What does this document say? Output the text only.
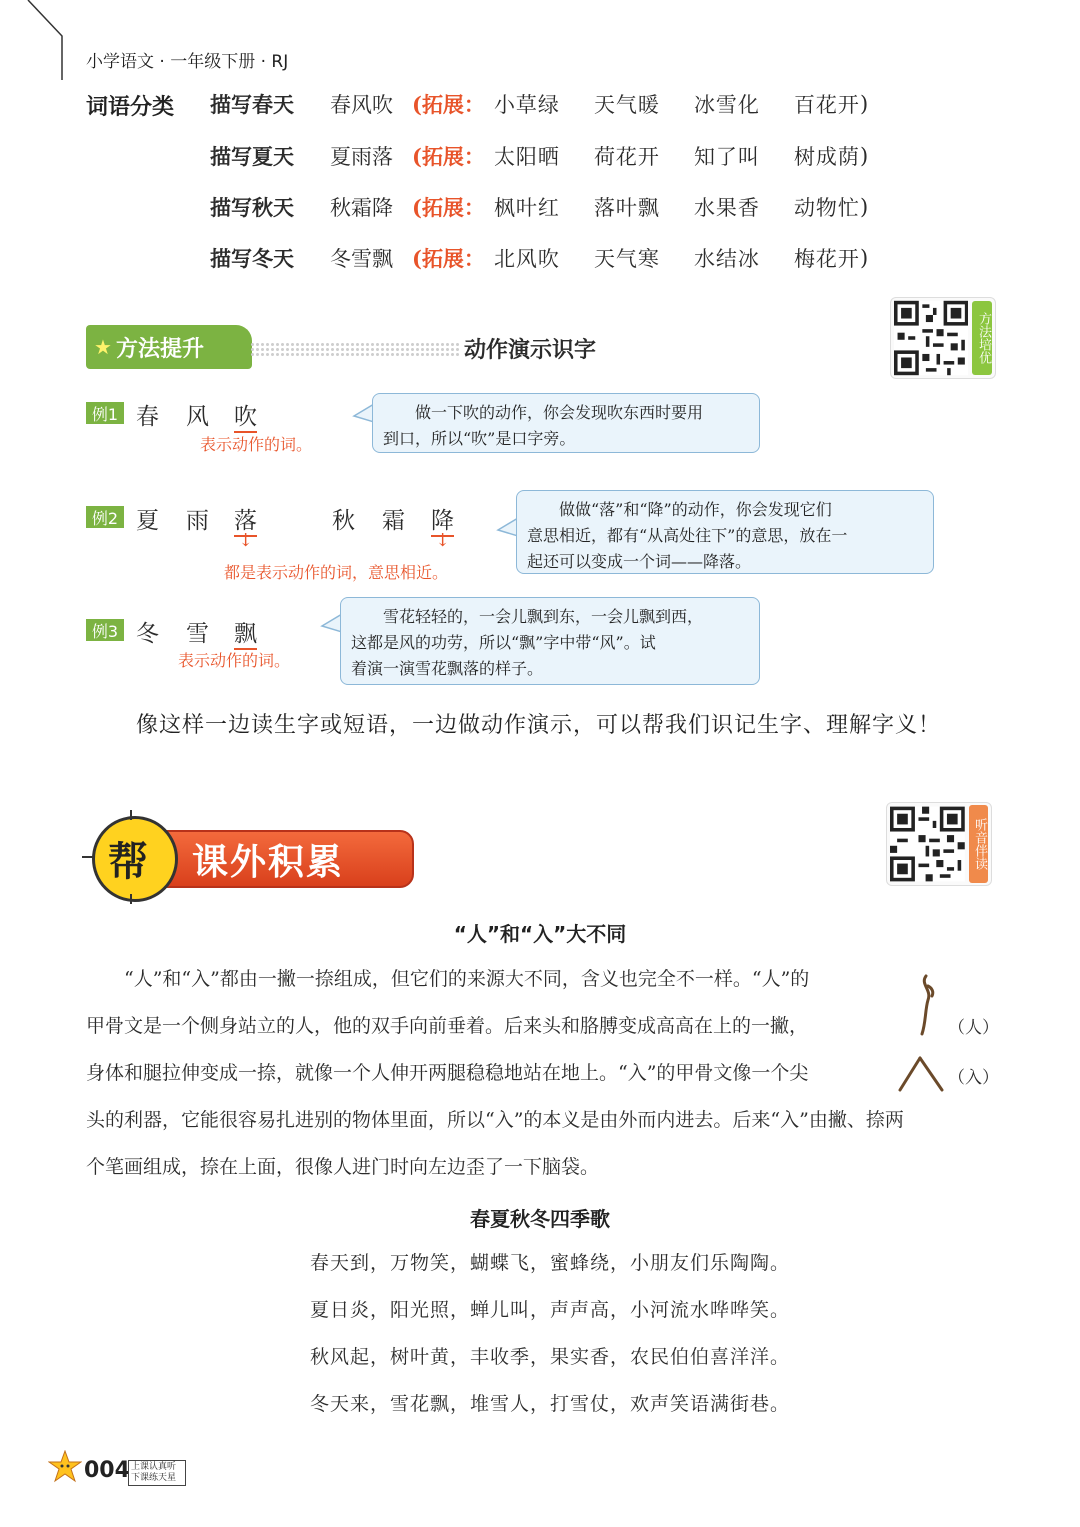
小学语文 · 一年级下册 · RJ
词语分类 描写春天	春风吹 ( 拓展： 小草绿	天气暖	冰雪化	百花开 )
描写夏天	夏雨落 ( 拓展： 太阳晒	荷花开	知了叫	树成荫 )
描写秋天	秋霜降 ( 拓展： 枫叶红	落叶飘	水果香	动物忙 )
描写冬天	冬雪飘 ( 拓展： 北风吹	天气寒	水结冰	梅花开 )
★ 方法提升	动作演示识字	方法培优
例1 春 风 吹
表示动作的词。
做一下吹的动作，你会发现吹东西时要用
到口，所以“吹”是口字旁。
例2 夏 雨 落	秋 霜 降
↓	↓
都是表示动作的词，意思相近。
做做“落”和“降”的动作，你会发现它们
意思相近，都有“从高处往下”的意思，放在一
起还可以变成一个词——降落。
例3 冬 雪 飘
表示动作的词。
雪花轻轻的，一会儿飘到东，一会儿飘到西，
这都是风的功劳，所以“飘”字中带“风”。试
着演一演雪花飘落的样子。
像这样一边读生字或短语，一边做动作演示，可以帮我们识记生字、理解字义！
课外积累
帮	听音伴读
“人”和“入”大不同

“人”和“入”都由一撇一捺组成，但它们的来源大不同，含义也完全不一样。“人”的

甲骨文是一个侧身站立的人，他的双手向前垂着。后来头和胳膊变成高高在上的一撇，

身体和腿拉伸变成一捺，就像一个人伸开两腿稳稳地站在地上。“入”的甲骨文像一个尖

头的利器，它能很容易扎进别的物体里面，所以“入”的本义是由外而内进去。后来“入”由撇、捺两

个笔画组成，捺在上面，很像人进门时向左边歪了一下脑袋。

（人）
（入）
春夏秋冬四季歌
春天到，万物笑，蝴蝶飞，蜜蜂绕，小朋友们乐陶陶。
夏日炎，阳光照，蝉儿叫，声声高，小河流水哗哗笑。
秋风起，树叶黄，丰收季，果实香，农民伯伯喜洋洋。
冬天来，雪花飘，堆雪人，打雪仗，欢声笑语满街巷。
004 上课认真听
下课练天星
